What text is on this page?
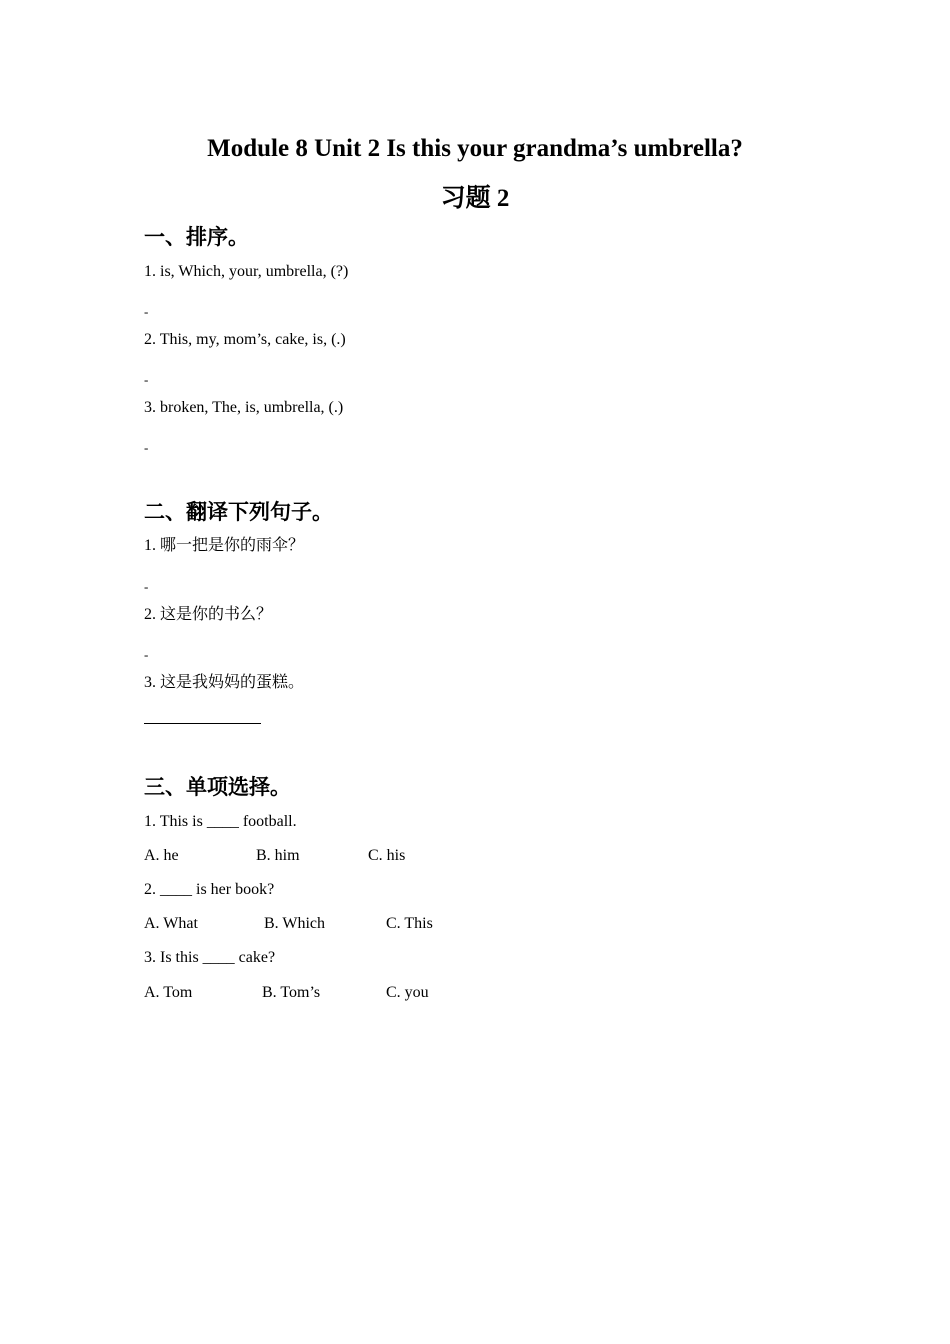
Module 8 Unit 2 Is this your grandma’s umbrella?
习题 2
一、排序。
1. is, Which, your, umbrella, (?)
-
2. This, my, mom’s, cake, is, (.)
-
3. broken, The, is, umbrella, (.)
-
二、翻译下列句子。
1. 哪一把是你的雨伞？
-
2. 这是你的书么？
-
3. 这是我妈妈的蛋糕。
三、单项选择。
1. This is ____ football.
A. he	B. him	C. his
2. ____ is her book?
A. What	B. Which	C. This
3. Is this ____ cake?
A. Tom	B. Tom’s	C. you
